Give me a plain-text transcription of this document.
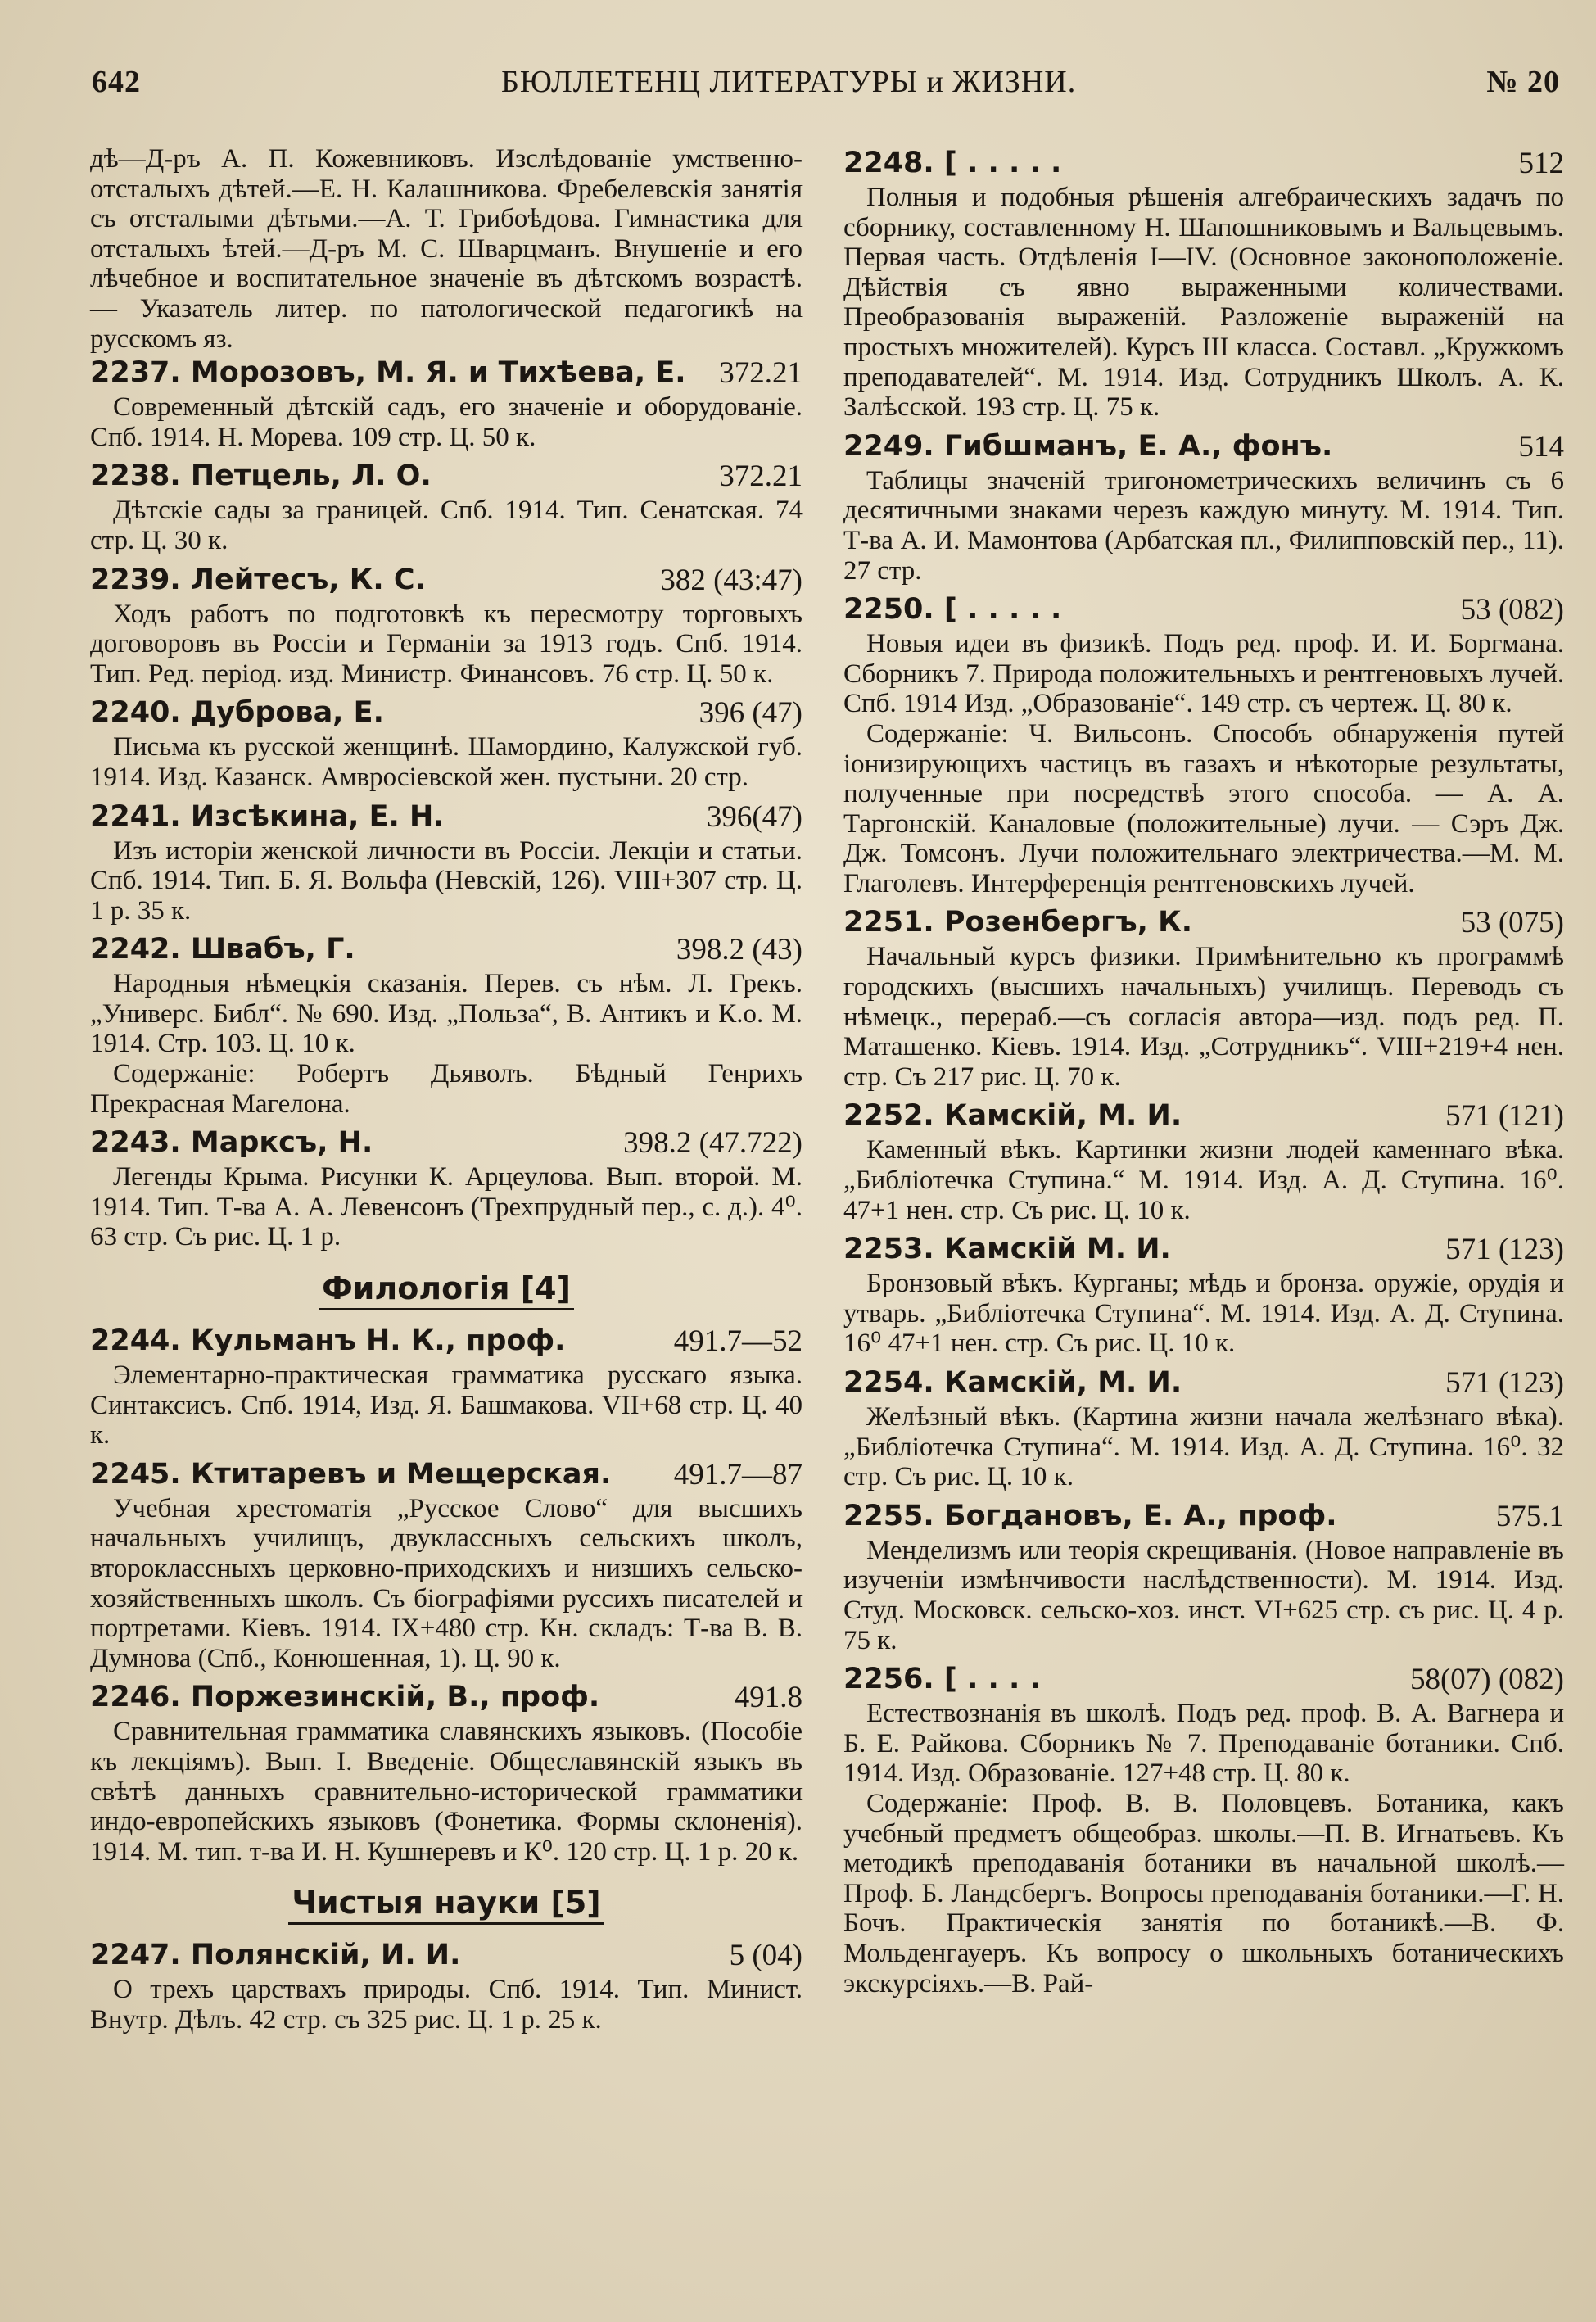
642	БЮЛЛЕТЕНЦ ЛИТЕРАТУРЫ и ЖИЗНИ.	№ 20

дѣ—Д-ръ А. П. Кожевниковъ. Изслѣдованіе умственно-отсталыхъ дѣтей.—Е. Н. Калашникова. Фребелевскія занятія съ отсталыми дѣтьми.—А. Т. Грибоѣдова. Гимнастика для отсталыхъ ѣтей.—Д-ръ М. С. Шварцманъ. Внушеніе и его лѣчебное и воспитательное значеніе въ дѣтскомъ возрастѣ. — Указатель литер. по патологической педагогикѣ на русскомъ яз.

2237. Морозовъ, М. Я. и Тихѣева, Е. 372.21

Современный дѣтскій садъ, его значеніе и оборудованіе. Спб. 1914. Н. Морева. 109 стр. Ц. 50 к.

2238. Петцель, Л. О.	372.21

Дѣтскіе сады за границей. Спб. 1914. Тип. Сенатская. 74 стр. Ц. 30 к.

2239. Лейтесъ, К. С.	382 (43:47)

Ходъ работъ по подготовкѣ къ пересмотру торговыхъ договоровъ въ Россіи и Германіи за 1913 годъ. Спб. 1914. Тип. Ред. період. изд. Министр. Финансовъ. 76 стр. Ц. 50 к.

2240. Дуброва, Е.	396 (47)

Письма къ русской женщинѣ. Шамордино, Калужской губ. 1914. Изд. Казанск. Амвросіевской жен. пустыни. 20 стр.

2241. Изсѣкина, Е. Н.	396(47)

Изъ исторіи женской личности въ Россіи. Лекціи и статьи. Спб. 1914. Тип. Б. Я. Вольфа (Невскій, 126). VIII+307 стр. Ц. 1 р. 35 к.

2242. Швабъ, Г.	398.2 (43)

Народныя нѣмецкія сказанія. Перев. съ нѣм. Л. Грекъ. „Универс. Библ“. № 690. Изд. „Польза“, В. Антикъ и К.о. М. 1914. Стр. 103. Ц. 10 к.

Содержаніе: Робертъ Дьяволъ. Бѣдный Генрихъ Прекрасная Магелона.

2243. Марксъ, Н.	398.2 (47.722)

Легенды Крыма. Рисунки К. Арцеулова. Вып. второй. М. 1914. Тип. Т-ва А. А. Левенсонъ (Трехпрудный пер., с. д.). 4⁰. 63 стр. Съ рис. Ц. 1 р.

Филологія [4]
2244. Кульманъ Н. К., проф.	491.7—52

Элементарно-практическая грамматика русскаго языка. Синтаксисъ. Спб. 1914, Изд. Я. Башмакова. VII+68 стр. Ц. 40 к.

2245. Ктитаревъ и Мещерская. 491.7—87

Учебная хрестоматія „Русское Слово“ для высшихъ начальныхъ училищъ, двуклассныхъ сельскихъ школъ, второклассныхъ церковно-приходскихъ и низшихъ сельско-хозяйственныхъ школъ. Съ біографіями руссихъ писателей и портретами. Кіевъ. 1914. IX+480 стр. Кн. складъ: Т-ва В. В. Думнова (Спб., Конюшенная, 1). Ц. 90 к.

2246. Пoржезинскій, В., проф.	491.8

Сравнительная грамматика славянскихъ языковъ. (Пособіе къ лекціямъ). Вып. I. Введеніе. Общеславянскій языкъ въ свѣтѣ данныхъ сравнительно-исторической грамматики индо-европейскихъ языковъ (Фонетика. Формы склоненія). 1914. М. тип. т-ва И. Н. Кушнеревъ и К⁰. 120 стр. Ц. 1 р. 20 к.

Чистыя науки [5]
2247. Полянскій, И. И.	5 (04)

О трехъ царствахъ природы. Спб. 1914. Тип. Минист. Внутр. Дѣлъ. 42 стр. съ 325 рис. Ц. 1 р. 25 к.

2248. [ . . . . .	512

Полныя и подобныя рѣшенія алгебраическихъ задачъ по сборнику, составленному Н. Шапошниковымъ и Вальцевымъ. Первая часть. Отдѣленія I—IV. (Основное законоположеніе. Дѣйствія съ явно выраженными количествами. Преобразованія выраженій. Разложеніе выраженій на простыхъ множителей). Курсъ III класса. Составл. „Кружкомъ преподавателей“. М. 1914. Изд. Сотрудникъ Школъ. А. К. Залѣсской. 193 стр. Ц. 75 к.

2249. Гибшманъ, Е. А., фонъ.	514

Таблицы значеній тригонометрическихъ величинъ съ 6 десятичными знаками черезъ каждую минуту. М. 1914. Тип. Т-ва А. И. Мамонтова (Арбатская пл., Филипповскій пер., 11). 27 стр.

2250. [ . . . . .	53 (082)

Новыя идеи въ физикѣ. Подъ ред. проф. И. И. Боргмана. Сборникъ 7. Природа положительныхъ и рентгеновыхъ лучей. Спб. 1914 Изд. „Образованіе“. 149 стр. съ чертеж. Ц. 80 к.

Содержаніе: Ч. Вильсонъ. Способъ обнаруженія путей іонизирующихъ частицъ въ газахъ и нѣкоторые результаты, полученные при посредствѣ этого способа. — А. А. Таргонскій. Каналовые (положительные) лучи. — Сэръ Дж. Дж. Томсонъ. Лучи положительнаго электричества.—М. М. Глаголевъ. Интерференція рентгеновскихъ лучей.

2251. Розенбергъ, К.	53 (075)

Начальный курсъ физики. Примѣнительно къ программѣ городскихъ (высшихъ начальныхъ) училищъ. Переводъ съ нѣмецк., перераб.—съ согласія автора—изд. подъ ред. П. Маташенко. Кіевъ. 1914. Изд. „Сотрудникъ“. VIII+219+4 нен. стр. Съ 217 рис. Ц. 70 к.

2252. Камскій, М. И.	571 (121)

Каменный вѣкъ. Картинки жизни людей каменнаго вѣка. „Библіотечка Ступина.“ М. 1914. Изд. А. Д. Ступина. 16⁰. 47+1 нен. стр. Съ рис. Ц. 10 к.

2253. Камскій М. И.	571 (123)

Бронзовый вѣкъ. Курганы; мѣдь и бронза. оружіе, орудія и утварь. „Библіотечка Ступина“. М. 1914. Изд. А. Д. Ступина. 16⁰ 47+1 нен. стр. Съ рис. Ц. 10 к.

2254. Камскій, М. И.	571 (123)

Желѣзный вѣкъ. (Картина жизни начала желѣзнаго вѣка). „Библіотечка Ступина“. М. 1914. Изд. А. Д. Ступина. 16⁰. 32 стр. Съ рис. Ц. 10 к.

2255. Богдановъ, Е. А., проф.	575.1

Менделизмъ или теорія скрещиванія. (Новое направленіе въ изученіи измѣнчивости наслѣдственности). М. 1914. Изд. Студ. Московск. сельско-хоз. инст. VI+625 стр. съ рис. Ц. 4 р. 75 к.

2256. [ . . . .	58(07) (082)

Естествознанія въ школѣ. Подъ ред. проф. В. А. Вагнера и Б. Е. Райкова. Сборникъ № 7. Преподаваніе ботаники. Спб. 1914. Изд. Образованіе. 127+48 стр. Ц. 80 к.

Содержаніе: Проф. В. В. Половцевъ. Ботаника, какъ учебный предметъ общеобраз. школы.—П. В. Игнатьевъ. Къ методикѣ преподаванія ботаники въ начальной школѣ.—Проф. Б. Ландсбергъ. Вопросы преподаванія ботаники.—Г. Н. Бочъ. Практическія занятія по ботаникѣ.—В. Ф. Мольденгауеръ. Къ вопросу о школьныхъ ботаническихъ экскурсіяхъ.—В. Рай-
